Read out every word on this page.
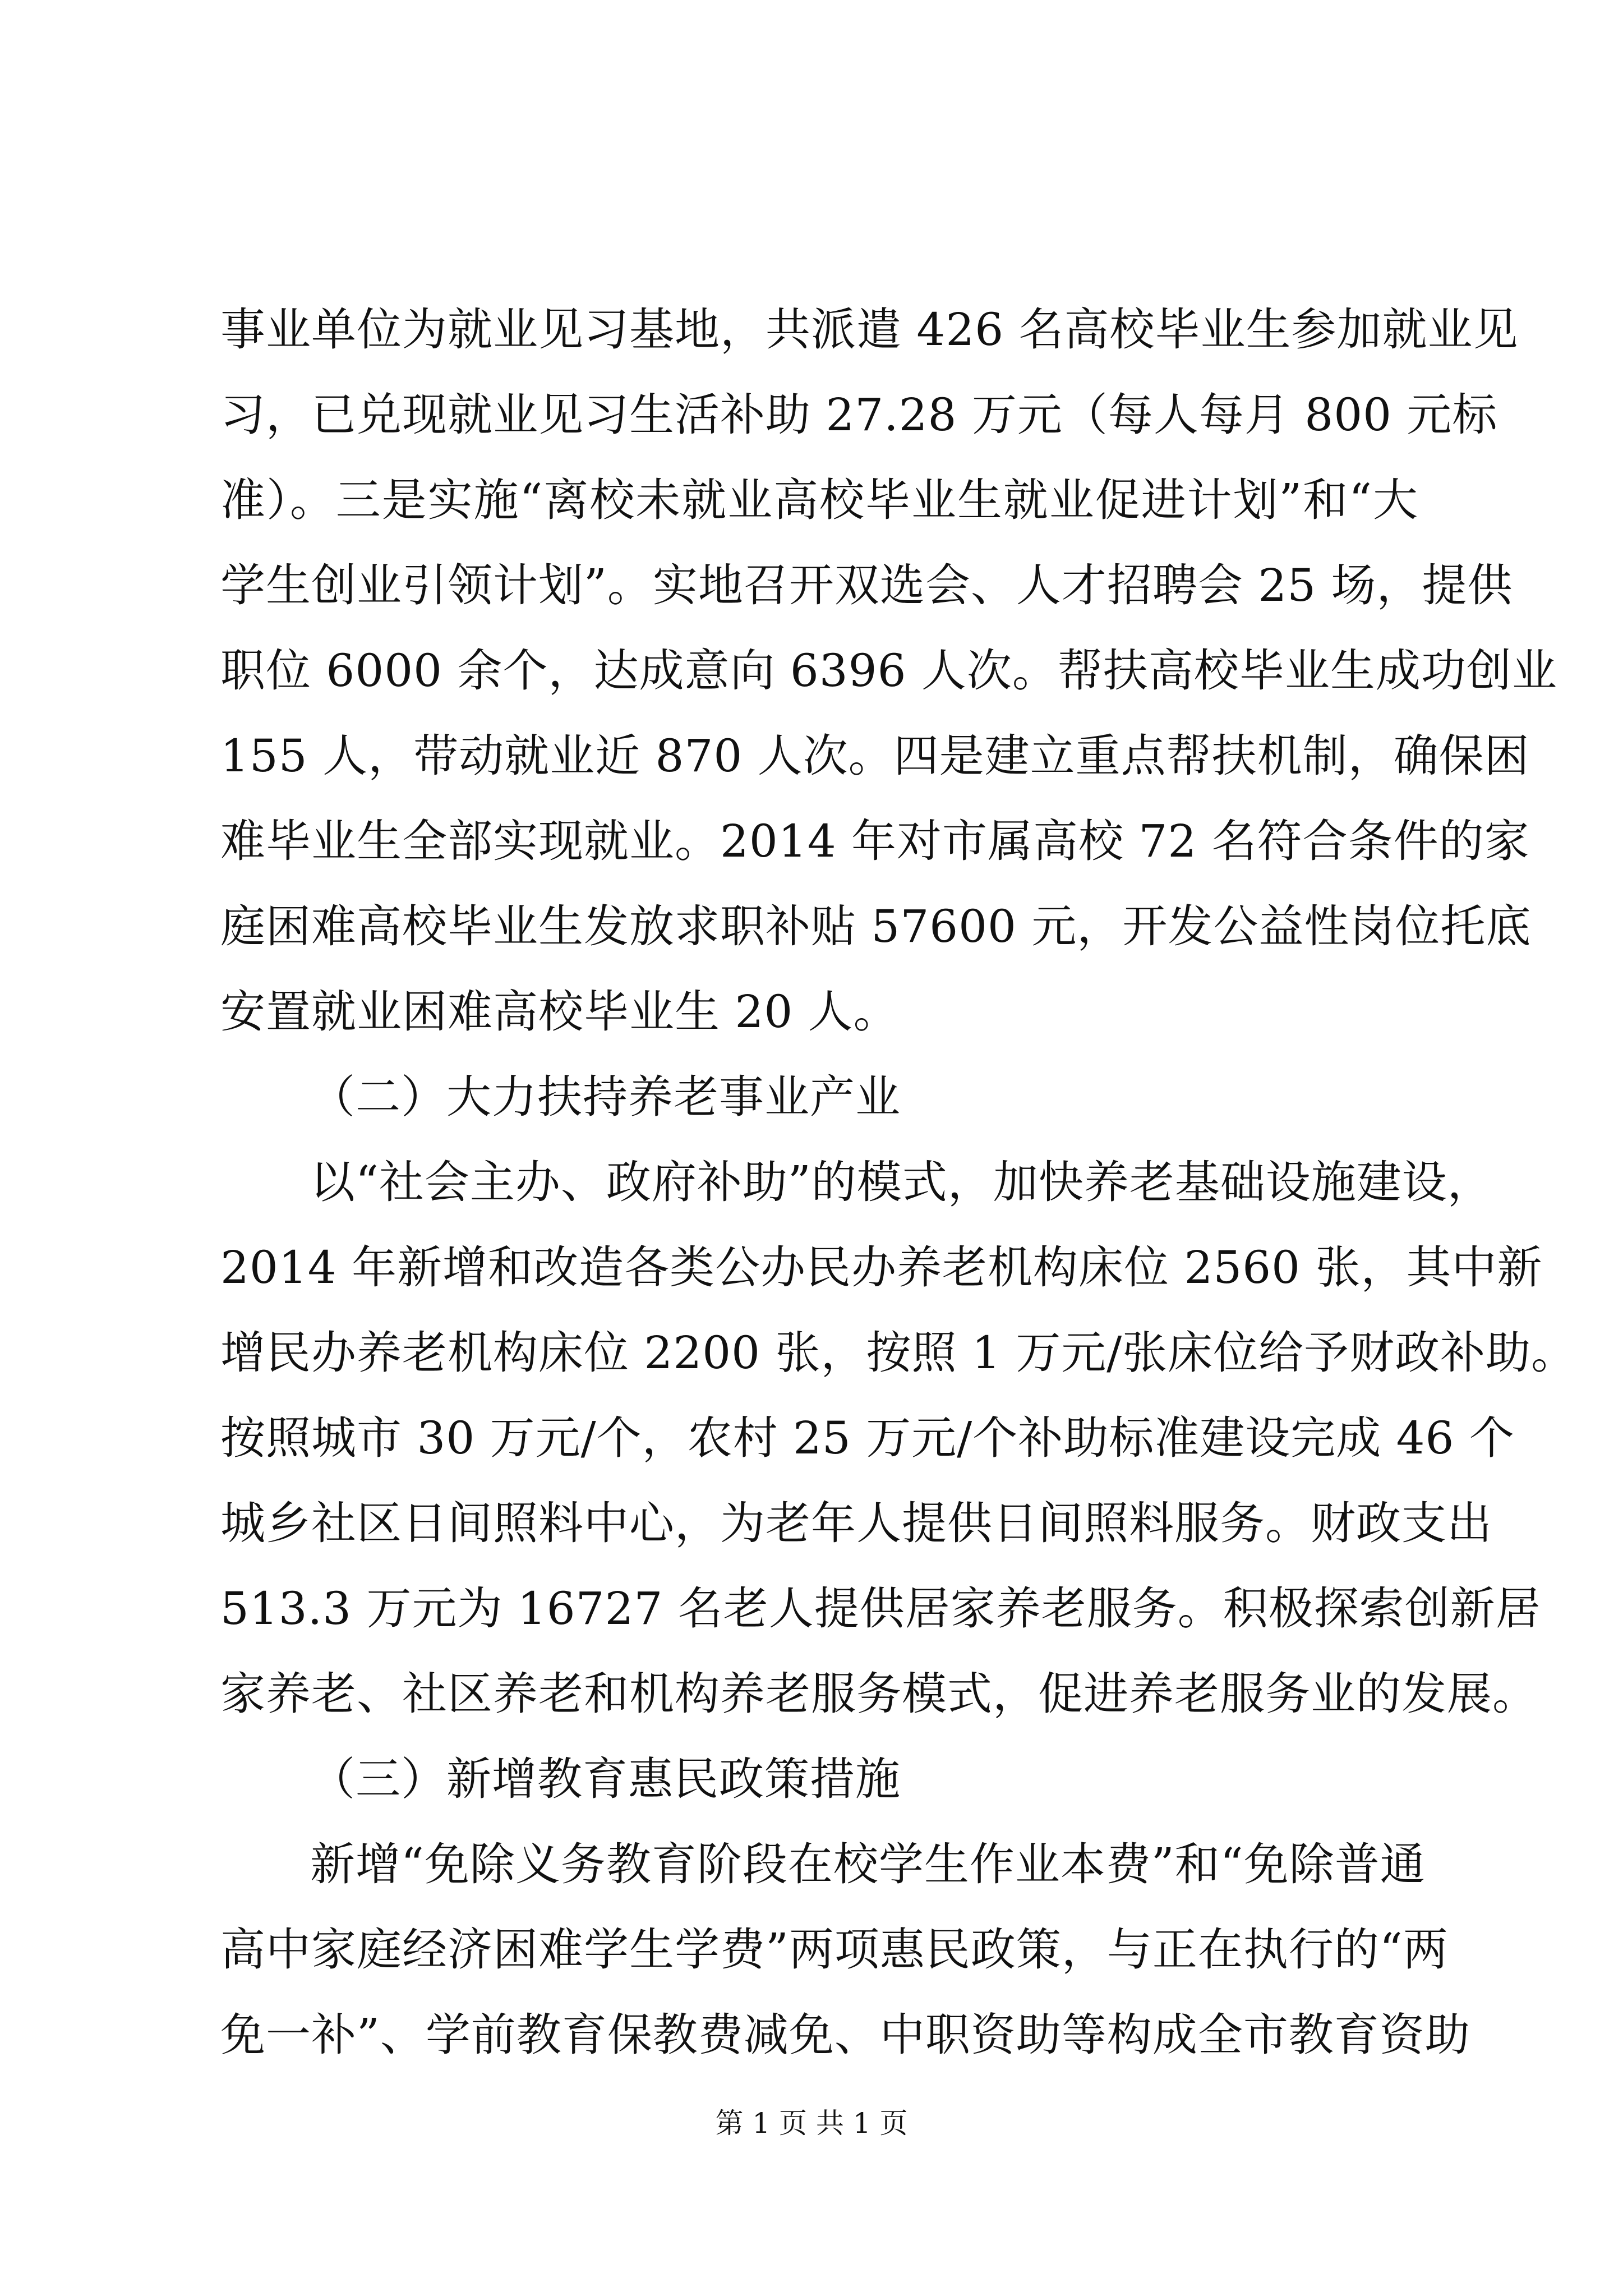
事业单位为就业见习基地，共派遣 426 名高校毕业生参加就业见
习，已兑现就业见习生活补助 27.28 万元（每人每月 800 元标
准）。三是实施“离校未就业高校毕业生就业促进计划”和“大
学生创业引领计划”。实地召开双选会、人才招聘会 25 场，提供
职位 6000 余个，达成意向 6396 人次。帮扶高校毕业生成功创业
155 人，带动就业近 870 人次。四是建立重点帮扶机制，确保困
难毕业生全部实现就业。2014 年对市属高校 72 名符合条件的家
庭困难高校毕业生发放求职补贴 57600 元，开发公益性岗位托底
安置就业困难高校毕业生 20 人。
（二）大力扶持养老事业产业
以“社会主办、政府补助”的模式，加快养老基础设施建设，
2014 年新增和改造各类公办民办养老机构床位 2560 张，其中新
增民办养老机构床位 2200 张，按照 1 万元/张床位给予财政补助。
按照城市 30 万元/个，农村 25 万元/个补助标准建设完成 46 个
城乡社区日间照料中心，为老年人提供日间照料服务。财政支出
513.3 万元为 16727 名老人提供居家养老服务。积极探索创新居
家养老、社区养老和机构养老服务模式，促进养老服务业的发展。
（三）新增教育惠民政策措施
新增“免除义务教育阶段在校学生作业本费”和“免除普通
高中家庭经济困难学生学费”两项惠民政策，与正在执行的“两
免一补”、学前教育保教费减免、中职资助等构成全市教育资助
第 1 页 共 1 页
